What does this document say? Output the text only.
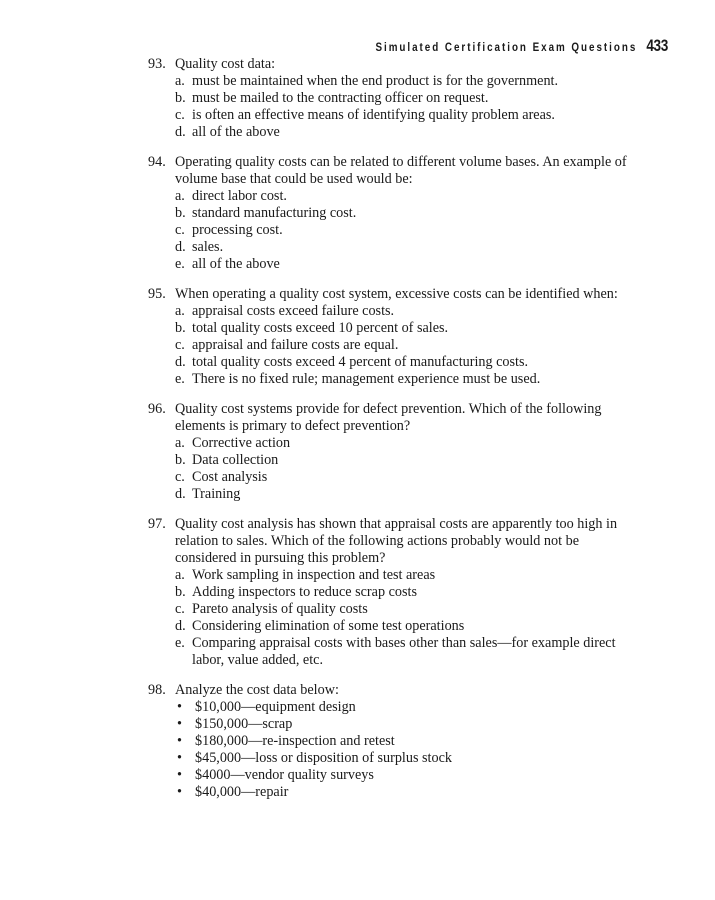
Simulated Certification Exam Questions 433
93. Quality cost data:
a. must be maintained when the end product is for the government.
b. must be mailed to the contracting officer on request.
c. is often an effective means of identifying quality problem areas.
d. all of the above
94. Operating quality costs can be related to different volume bases. An example of volume base that could be used would be:
a. direct labor cost.
b. standard manufacturing cost.
c. processing cost.
d. sales.
e. all of the above
95. When operating a quality cost system, excessive costs can be identified when:
a. appraisal costs exceed failure costs.
b. total quality costs exceed 10 percent of sales.
c. appraisal and failure costs are equal.
d. total quality costs exceed 4 percent of manufacturing costs.
e. There is no fixed rule; management experience must be used.
96. Quality cost systems provide for defect prevention. Which of the following elements is primary to defect prevention?
a. Corrective action
b. Data collection
c. Cost analysis
d. Training
97. Quality cost analysis has shown that appraisal costs are apparently too high in relation to sales. Which of the following actions probably would not be considered in pursuing this problem?
a. Work sampling in inspection and test areas
b. Adding inspectors to reduce scrap costs
c. Pareto analysis of quality costs
d. Considering elimination of some test operations
e. Comparing appraisal costs with bases other than sales—for example direct labor, value added, etc.
98. Analyze the cost data below:
• $10,000—equipment design
• $150,000—scrap
• $180,000—re-inspection and retest
• $45,000—loss or disposition of surplus stock
• $4000—vendor quality surveys
• $40,000—repair
